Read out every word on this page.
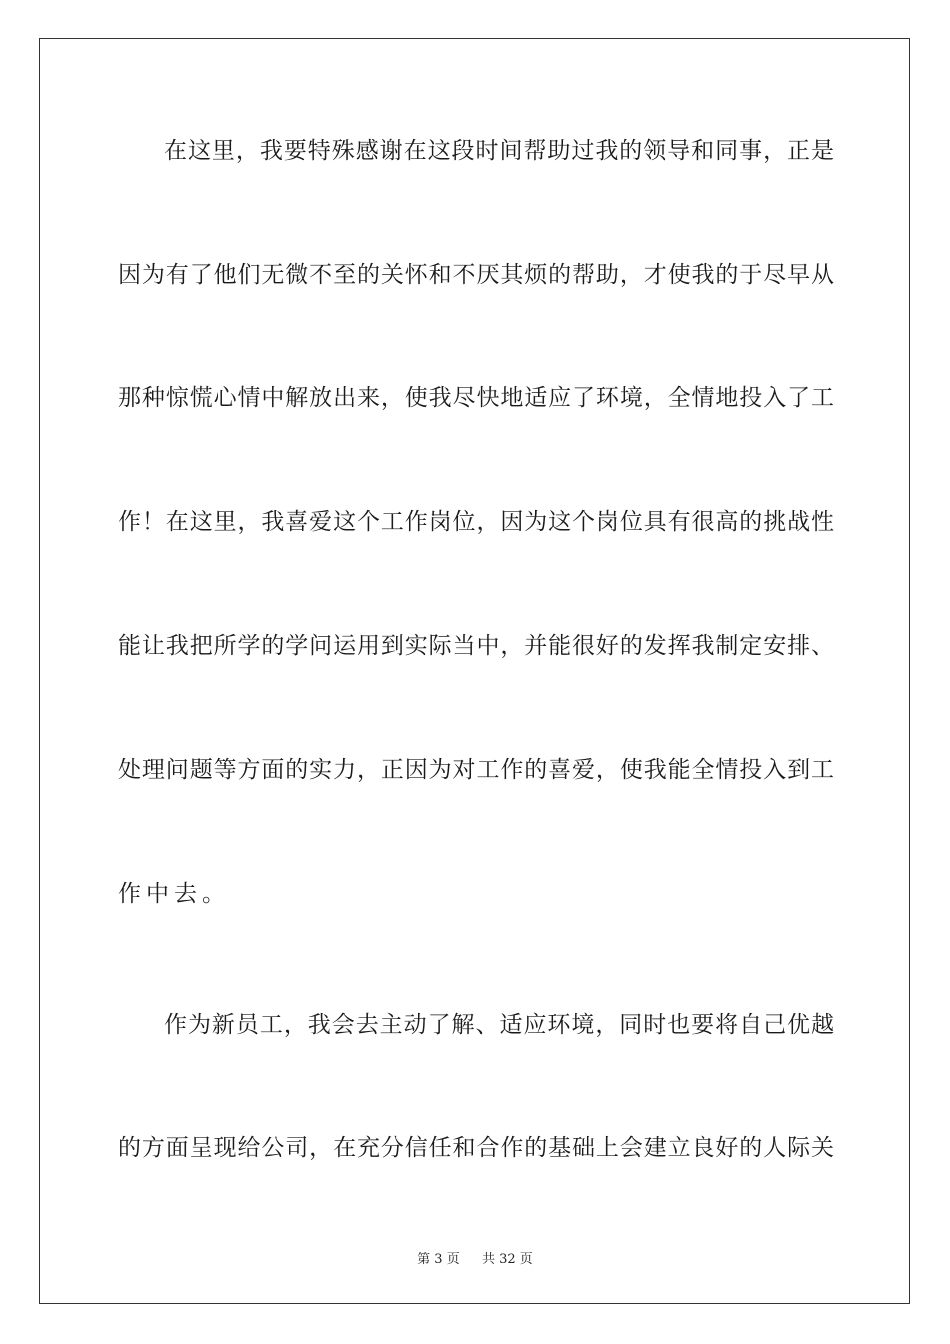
在这里，我要特殊感谢在这段时间帮助过我的领导和同事，正是
因为有了他们无微不至的关怀和不厌其烦的帮助，才使我的于尽早从
那种惊慌心情中解放出来，使我尽快地适应了环境，全情地投入了工
作！在这里，我喜爱这个工作岗位，因为这个岗位具有很高的挑战性
能让我把所学的学问运用到实际当中，并能很好的发挥我制定安排、
处理问题等方面的实力，正因为对工作的喜爱，使我能全情投入到工
作中去。
作为新员工，我会去主动了解、适应环境，同时也要将自己优越
的方面呈现给公司，在充分信任和合作的基础上会建立良好的人际关
第 3 页 共 32 页
